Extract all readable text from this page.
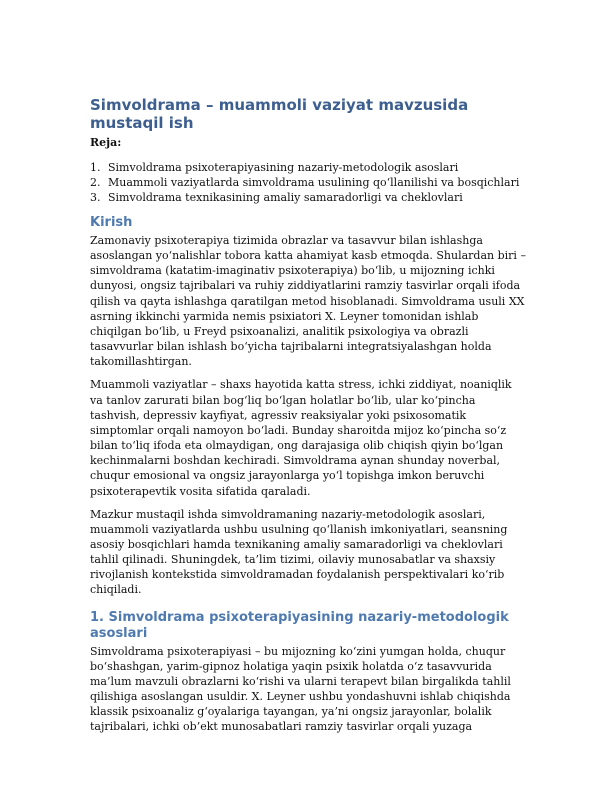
Simvoldrama – muammoli vaziyat mavzusida mustaqil ish
Reja:
1. Simvoldrama psixoterapiyasining nazariy-metodologik asoslari
2. Muammoli vaziyatlarda simvoldrama usulining qo‘llanilishi va bosqichlari
3. Simvoldrama texnikasining amaliy samaradorligi va cheklovlari
Kirish

Zamonaviy psixoterapiya tizimida obrazlar va tasavvur bilan ishlashga asoslangan yo‘nalishlar tobora katta ahamiyat kasb etmoqda. Shulardan biri – simvoldrama (katatim-imaginativ psixoterapiya) bo‘lib, u mijozning ichki dunyosi, ongsiz tajribalari va ruhiy ziddiyatlarini ramziy tasvirlar orqali ifoda qilish va qayta ishlashga qaratilgan metod hisoblanadi. Simvoldrama usuli XX asrning ikkinchi yarmida nemis psixiatori X. Leyner tomonidan ishlab chiqilgan bo‘lib, u Freyd psixoanalizi, analitik psixologiya va obrazli tasavvurlar bilan ishlash bo‘yicha tajribalarni integratsiyalashgan holda takomillashtirgan.

Muammoli vaziyatlar – shaxs hayotida katta stress, ichki ziddiyat, noaniqlik va tanlov zarurati bilan bog‘liq bo‘lgan holatlar bo‘lib, ular ko‘pincha tashvish, depressiv kayfiyat, agressiv reaksiyalar yoki psixosomatik simptomlar orqali namoyon bo‘ladi. Bunday sharoitda mijoz ko‘pincha so‘z bilan to‘liq ifoda eta olmaydigan, ong darajasiga olib chiqish qiyin bo‘lgan kechinmalarni boshdan kechiradi. Simvoldrama aynan shunday noverbal, chuqur emosional va ongsiz jarayonlarga yo‘l topishga imkon beruvchi psixoterapevtik vosita sifatida qaraladi.

Mazkur mustaqil ishda simvoldramaning nazariy-metodologik asoslari, muammoli vaziyatlarda ushbu usulning qo‘llanish imkoniyatlari, seansning asosiy bosqichlari hamda texnikaning amaliy samaradorligi va cheklovlari tahlil qilinadi. Shuningdek, ta’lim tizimi, oilaviy munosabatlar va shaxsiy rivojlanish kontekstida simvoldramadan foydalanish perspektivalari ko‘rib chiqiladi.

1. Simvoldrama psixoterapiyasining nazariy-metodologik asoslari

Simvoldrama psixoterapiyasi – bu mijozning ko‘zini yumgan holda, chuqur bo‘shashgan, yarim-gipnoz holatiga yaqin psixik holatda o‘z tasavvurida ma’lum mavzuli obrazlarni ko‘rishi va ularni terapevt bilan birgalikda tahlil qilishiga asoslangan usuldir. X. Leyner ushbu yondashuvni ishlab chiqishda klassik psixoanaliz g‘oyalariga tayangan, ya’ni ongsiz jarayonlar, bolalik tajribalari, ichki ob’ekt munosabatlari ramziy tasvirlar orqali yuzaga
